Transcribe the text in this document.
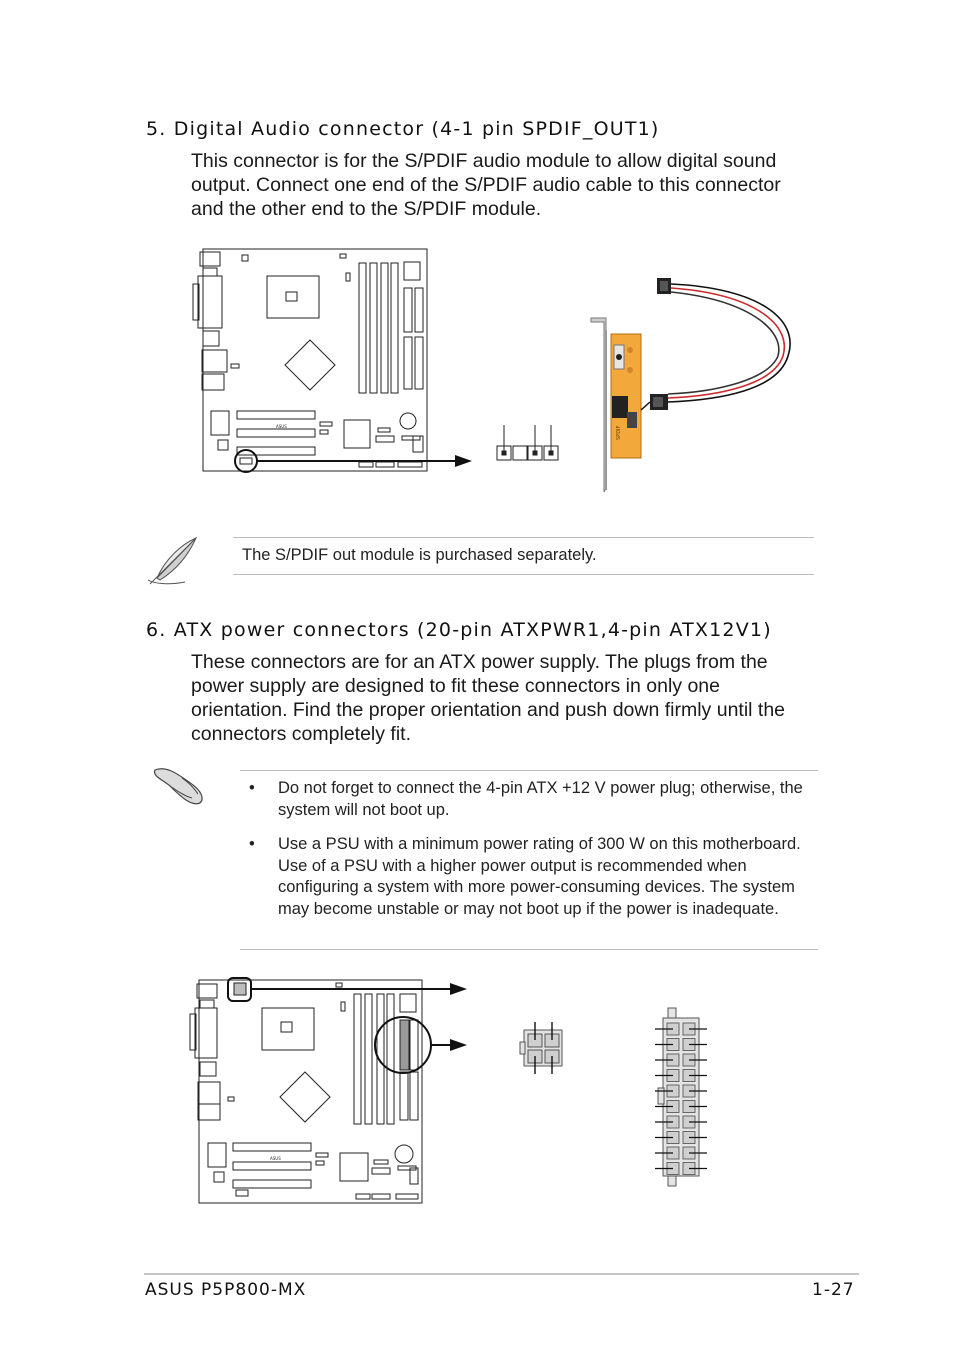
5. Digital Audio connector (4-1 pin SPDIF_OUT1)
This connector is for the S/PDIF audio module to allow digital sound output. Connect one end of the S/PDIF audio cable to this connector and the other end to the S/PDIF module.
ASUS	SPDIF
The S/PDIF out module is purchased separately.
6. ATX power connectors (20-pin ATXPWR1,4-pin ATX12V1)
These connectors are for an ATX power supply. The plugs from the power supply are designed to fit these connectors in only one orientation. Find the proper orientation and push down firmly until the connectors completely fit.
• Do not forget to connect the 4-pin ATX +12 V power plug; otherwise, the system will not boot up.
• Use a PSU with a minimum power rating of 300 W on this motherboard. Use of a PSU with a higher power output is recommended when configuring a system with more power-consuming devices. The system may become unstable or may not boot up if the power is inadequate.
ASUS
ASUS P5P800-MX	1-27
